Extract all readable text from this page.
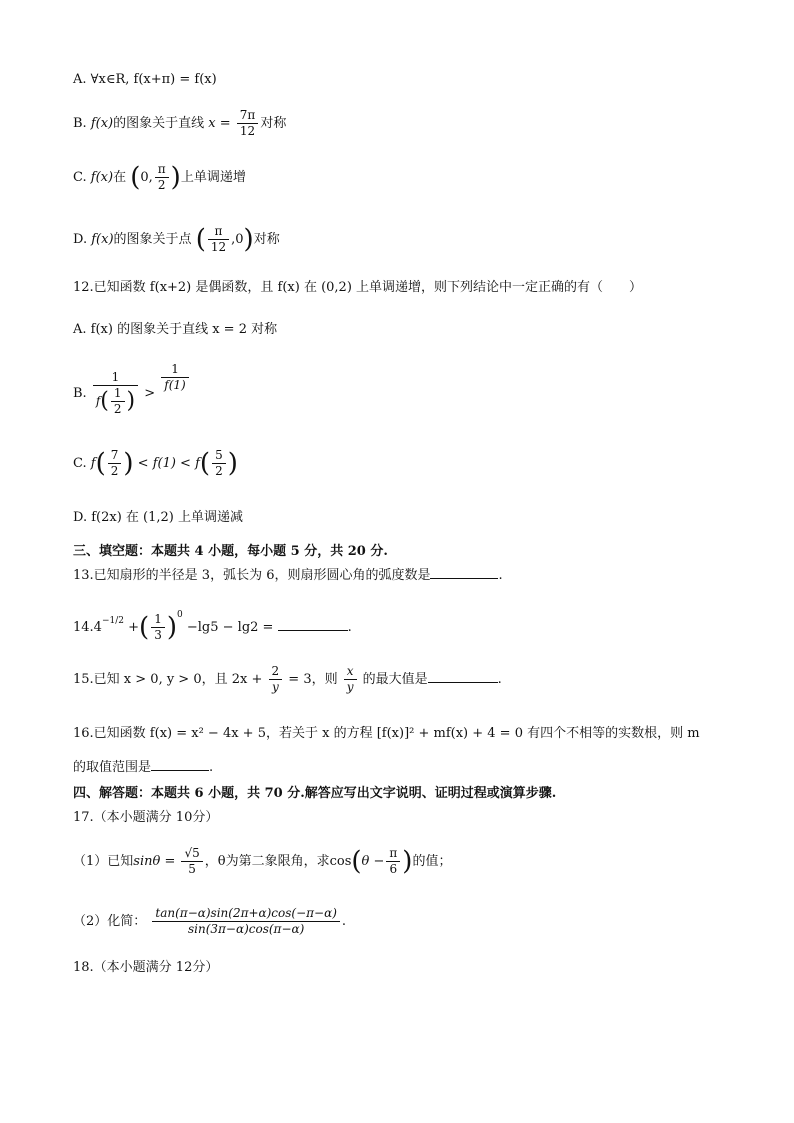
A. ∀x∈R, f(x+π) = f(x)
B. f(x)的图象关于直线 $x = \frac{7\pi}{12}$ 对称
C. f(x)在 (0, $\frac{\pi}{2}$ )上单调递增
D. f(x)的图象关于点 ( $\frac{\pi}{12} ,0$)对称
12.已知函数 f(x+2) 是偶函数，且 f(x) 在 (0,2) 上单调递增，则下列结论中一定正确的有（　　）
A. f(x) 的图象关于直线 x = 2 对称
B. $\frac{1}{f( \frac{1}{2} )}$ >
$\frac{1}{f(1)}$
C. $f( \frac{7}{2}$ ) < $f(1) < f( \frac{5}{2}$ )
D. f(2x) 在 (1,2) 上单调递减
三、填空题：本题共 4 小题，每小题 5 分，共 20 分.
13.已知扇形的半径是 3，弧长为 6，则扇形圆心角的弧度数是	.
$14.4^{-1/2}$ +( $\frac{1}{3} )^0 -\lg 5 - \lg 2$ =	.
15.已知 x > 0, y > 0，且 $2x + \frac{2}{y} = 3$，则 $\frac{x}{y}$ 的最大值是	.
16.已知函数 f(x) = x² − 4x + 5，若关于 x 的方程 [f(x)]² + mf(x) + 4 = 0 有四个不相等的实数根，则 m
的取值范围是	.
四、解答题：本题共 6 小题，共 70 分.解答应写出文字说明、证明过程或演算步骤.
17.（本小题满分 10分）
（1）已知$\sin\theta = \frac{√5}{5}$ ，θ为第二象限角，求$\cos(\theta - \frac{\pi}{6}$ )的值；
（2）化简： $\frac{\tan(\pi-\alpha)\sin(2\pi+\alpha)\cos(-\pi-\alpha)}{\sin(3\pi-\alpha)\cos(\pi-\alpha)}$ .
18.（本小题满分 12分）
